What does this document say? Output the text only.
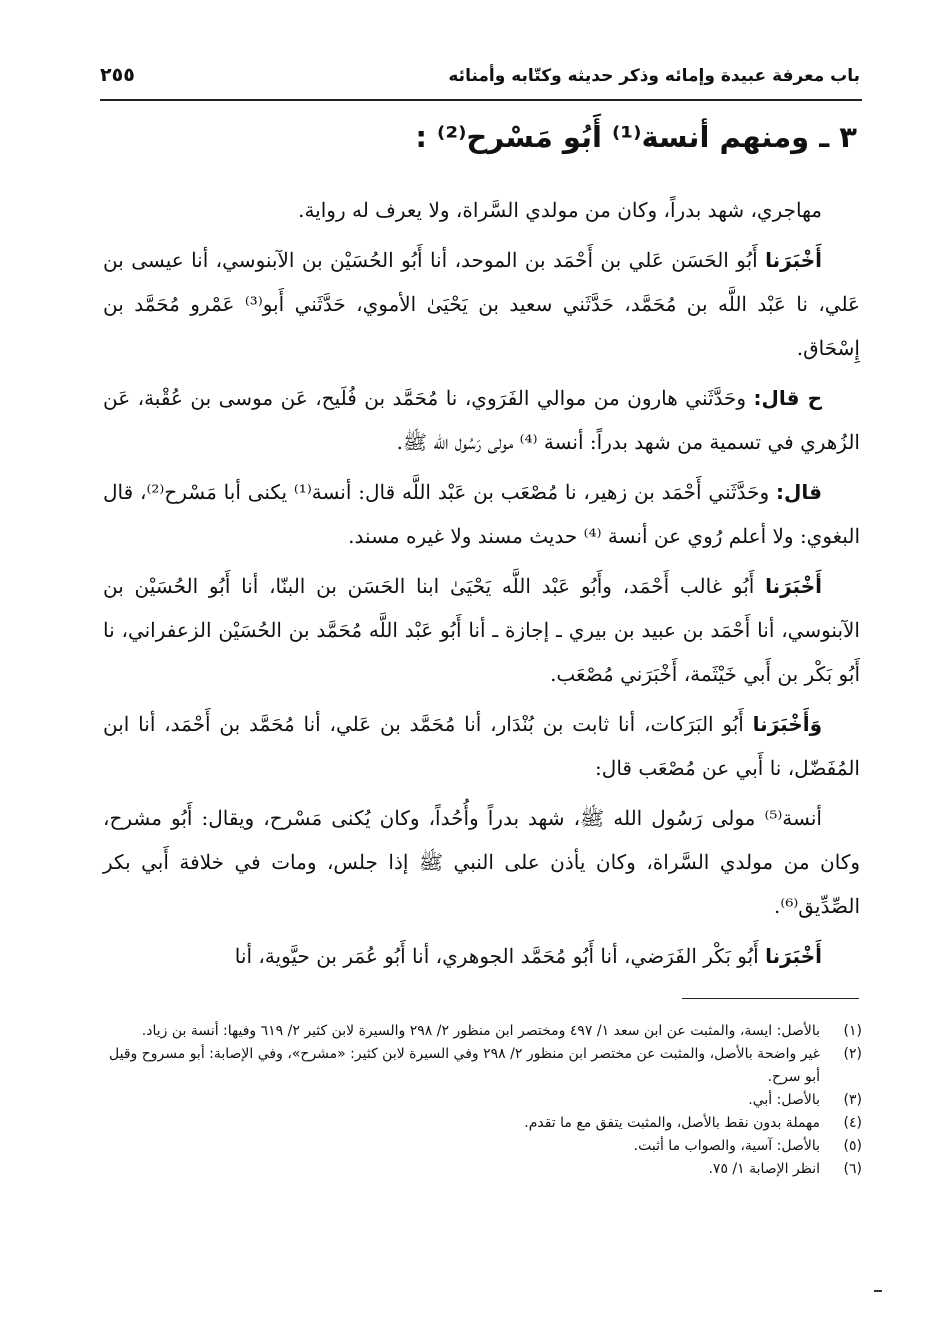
باب معرفة عبيدة وإمائه وذكر حديثه وكتّابه وأمنائه
٢٥٥
٣ ـ ومنهم أنسة⁽¹⁾ أَبُو مَسْرح⁽²⁾ :

مهاجري، شهد بدراً، وكان من مولدي السَّراة، ولا يعرف له رواية.

أَخْبَرَنا أَبُو الحَسَن عَلي بن أَحْمَد بن الموحد، أنا أَبُو الحُسَيْن بن الآبنوسي، أنا عيسى بن عَلي، نا عَبْد اللَّه بن مُحَمَّد، حَدَّثَني سعيد بن يَحْيَىٰ الأموي، حَدَّثَني أَبو⁽³⁾ عَمْرو مُحَمَّد بن إِسْحَاق.

ح قال: وحَدَّثَني هارون من موالي الفَرَوي، نا مُحَمَّد بن فُلَيح، عَن موسى بن عُقْبة، عَن الزُهري في تسمية من شهد بدراً: أنسة ⁽⁴⁾ مولى رَسُول الله ﷺ.

قال: وحَدَّثَني أَحْمَد بن زهير، نا مُصْعَب بن عَبْد اللَّه قال: أنسة⁽¹⁾ يكنى أبا مَسْرح⁽²⁾، قال البغوي: ولا أعلم رُوي عن أنسة ⁽⁴⁾ حديث مسند ولا غيره مسند.

أَخْبَرَنا أَبُو غالب أَحْمَد، وأَبُو عَبْد اللَّه يَحْيَىٰ ابنا الحَسَن بن البنّا، أنا أَبُو الحُسَيْن بن الآبنوسي، أنا أَحْمَد بن عبيد بن بيري ـ إجازة ـ أنا أَبُو عَبْد اللَّه مُحَمَّد بن الحُسَيْن الزعفراني، نا أَبُو بَكْر بن أَبي خَيْثَمة، أَخْبَرَني مُصْعَب.

وَأَخْبَرَنا أَبُو البَرَكات، أنا ثابت بن بُنْدَار، أنا مُحَمَّد بن عَلي، أنا مُحَمَّد بن أَحْمَد، أنا ابن المُفَضّل، نا أَبي عن مُصْعَب قال:

أنسة⁽⁵⁾ مولى رَسُول الله ﷺ، شهد بدراً وأُحُداً، وكان يُكنى مَسْرح، ويقال: أَبُو مشرح، وكان من مولدي السَّراة، وكان يأذن على النبي ﷺ إذا جلس، ومات في خلافة أَبي بكر الصِّدِّيق⁽⁶⁾.

أَخْبَرَنا أَبُو بَكْر الفَرَضي، أنا أَبُو مُحَمَّد الجوهري، أنا أَبُو عُمَر بن حيَّوية، أنا

(١)
بالأصل: ايسة، والمثبت عن ابن سعد ١/ ٤٩٧ ومختصر ابن منظور ٢/ ٢٩٨ والسيرة لابن كثير ٢/ ٦١٩ وفيها: أنسة بن زياد.
(٢)
غير واضحة بالأصل، والمثبت عن مختصر ابن منظور ٢/ ٢٩٨ وفي السيرة لابن كثير: «مشرح»، وفي الإصابة: أبو مسروح وقيل أبو سرح.
(٣)
بالأصل: أبي.
(٤)
مهملة بدون نقط بالأصل، والمثبت يتفق مع ما تقدم.
(٥)
بالأصل: آسية، والصواب ما أثبت.
(٦)
انظر الإصابة ١/ ٧٥.
